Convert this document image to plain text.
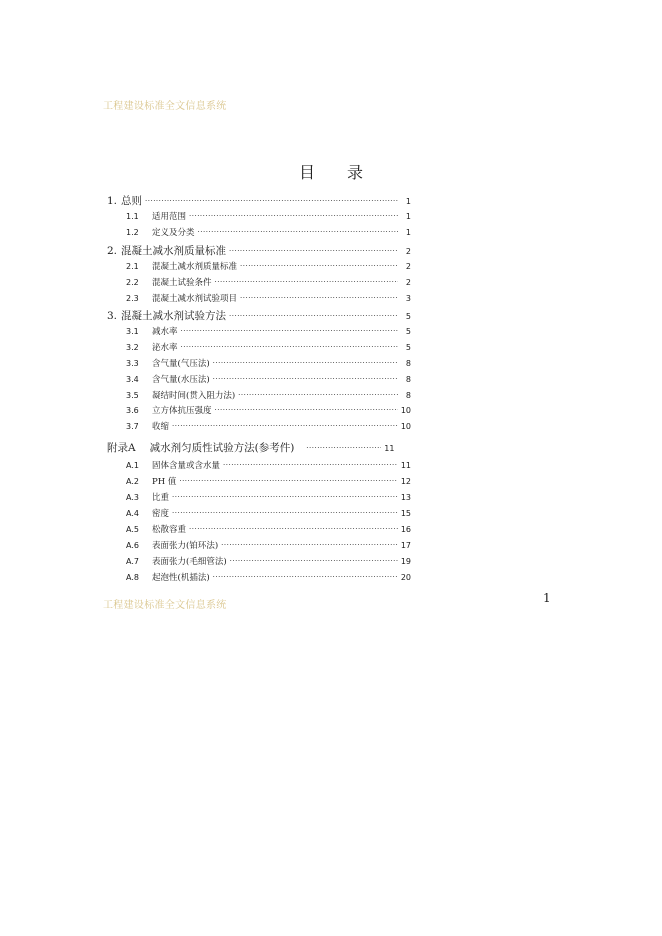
工程建设标准全文信息系统
目 录
1. 总则 ·····	1
1.1	适用范围 ·····	1
1.2	定义及分类 ·····	1
2. 混凝土减水剂质量标准 ·····	2
2.1	混凝土减水剂质量标准 ·····	2
2.2	混凝土试验条件 ·····	2
2.3	混凝土减水剂试验项目 ·····	3
3. 混凝土减水剂试验方法 ·····	5
3.1	减水率 ·····	5
3.2	泌水率 ·····	5
3.3	含气量(气压法) ·····	8
3.4	含气量(水压法) ·····	8
3.5	凝结时间(贯入阻力法) ·····	8
3.6	立方体抗压强度 ·····	10
3.7	收缩 ·····	10
附录A 减水剂匀质性试验方法(参考件) ·····	11
A.1	固体含量或含水量 ·····	11
A.2	PH 值 ·····	12
A.3	比重 ·····	13
A.4	密度 ·····	15
A.5	松散容重 ·····	16
A.6	表面张力(铂环法) ·····	17
A.7	表面张力(毛细管法) ·····	19
A.8	起泡性(机插法) ·····	20
工程建设标准全文信息系统
1
